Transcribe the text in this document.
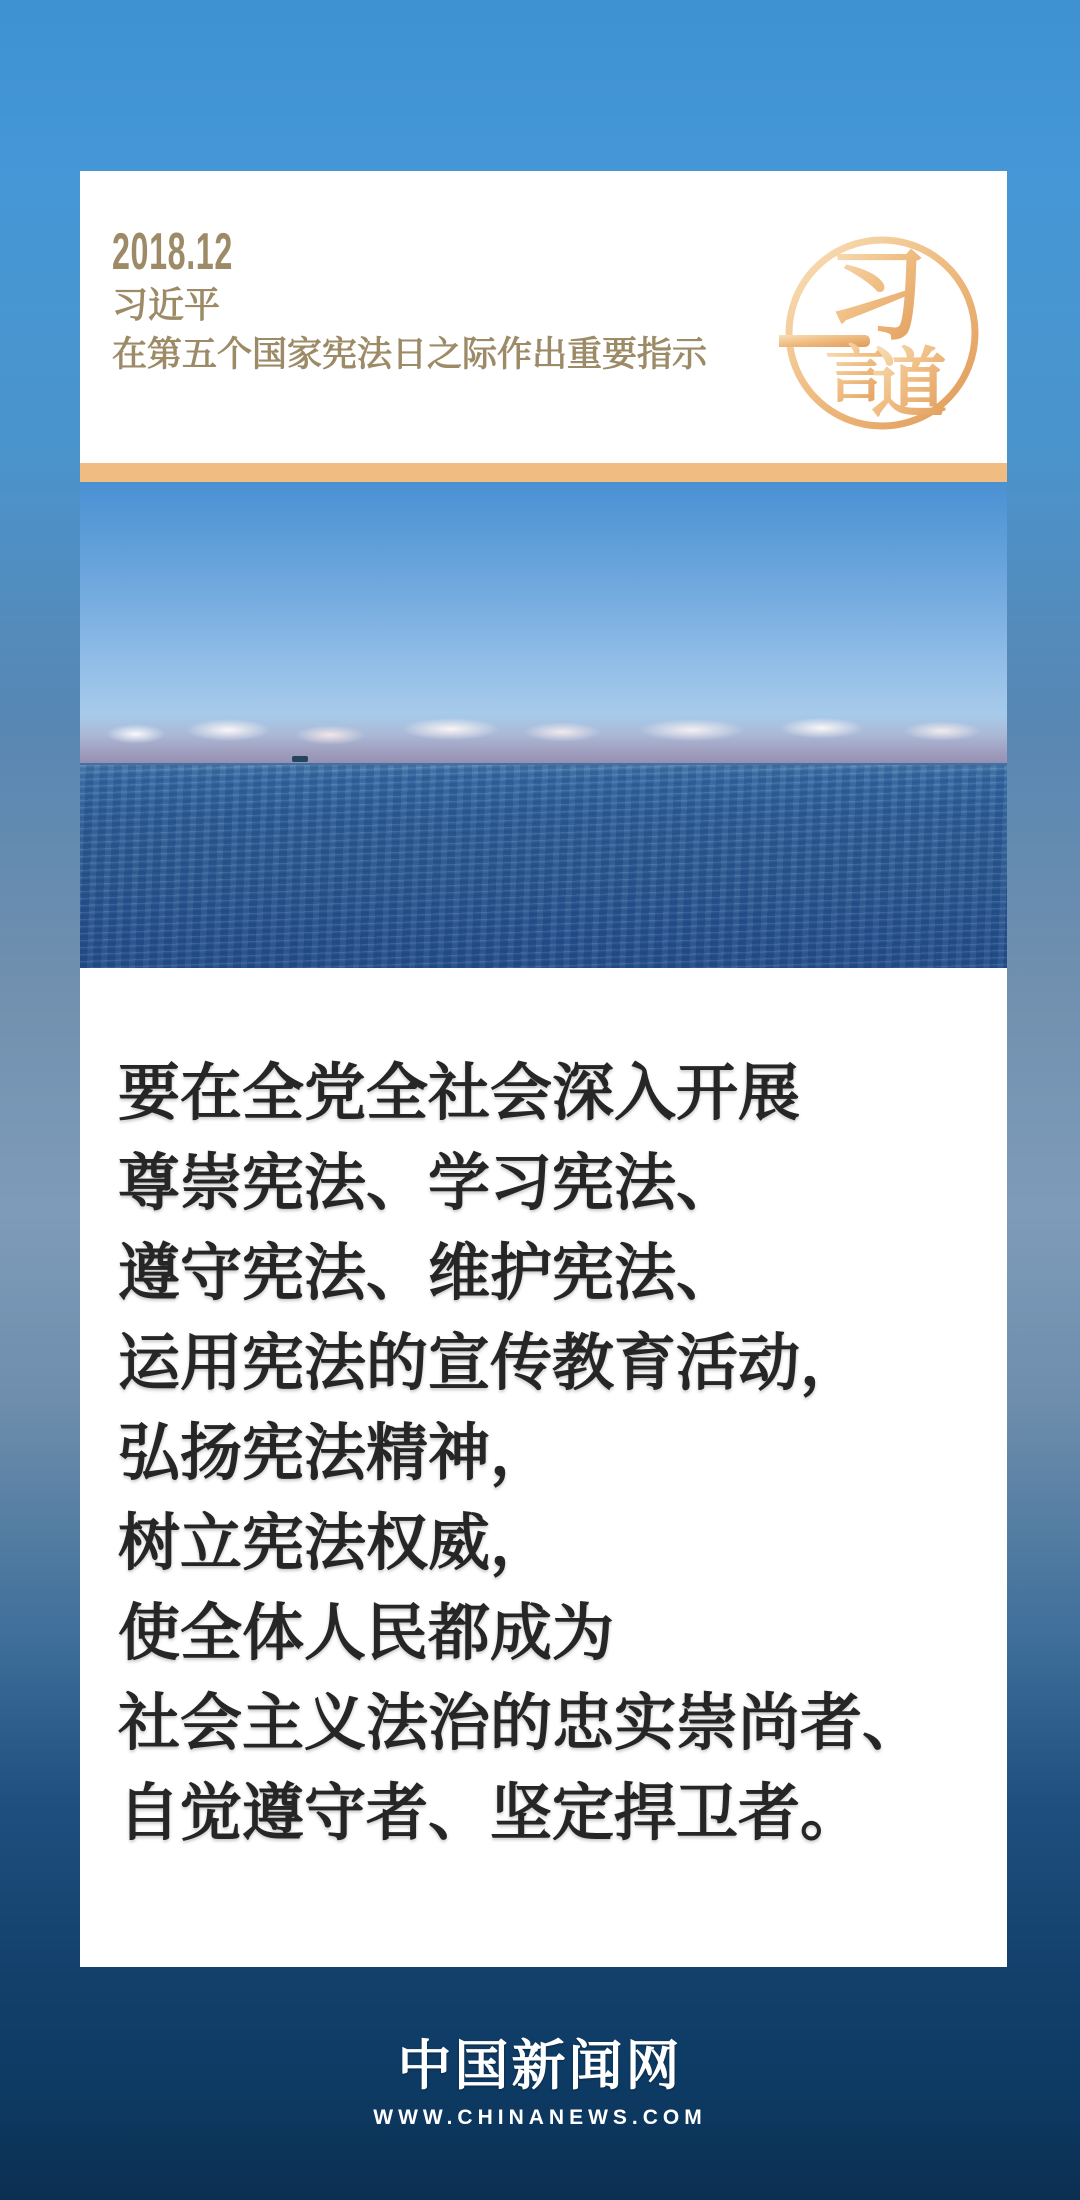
2018.12
习近平
在第五个国家宪法日之际作出重要指示
习
言
道
要在全党全社会深入开展
尊崇宪法、学习宪法、
遵守宪法、维护宪法、
运用宪法的宣传教育活动，
弘扬宪法精神，
树立宪法权威，
使全体人民都成为
社会主义法治的忠实崇尚者、
自觉遵守者、坚定捍卫者。
中国新闻网
WWW.CHINANEWS.COM
